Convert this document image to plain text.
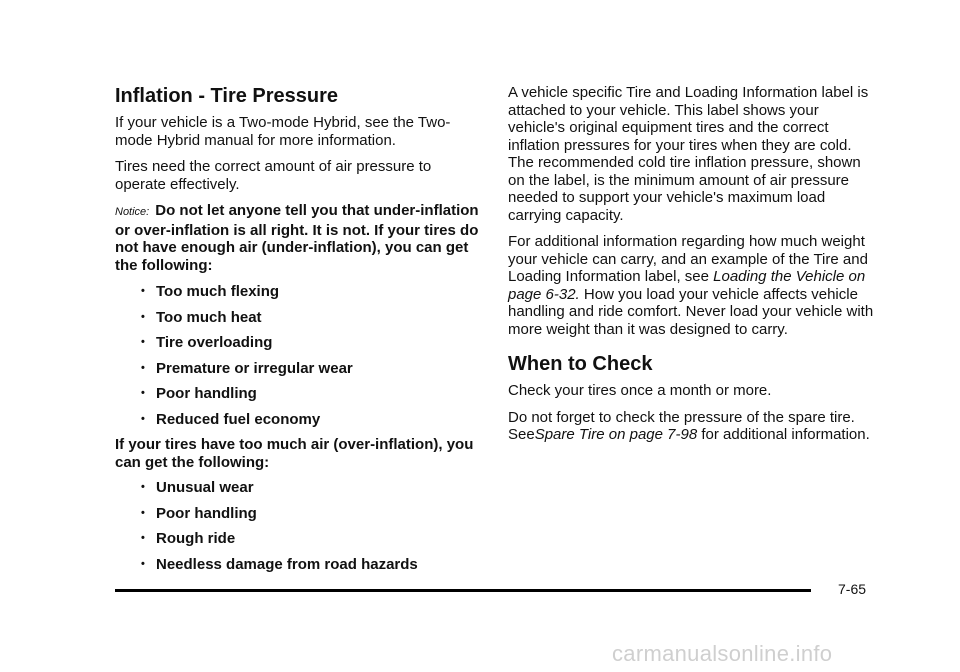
Inflation - Tire Pressure

If your vehicle is a Two-mode Hybrid, see the Two-mode Hybrid manual for more information.

Tires need the correct amount of air pressure to operate effectively.

Notice: Do not let anyone tell you that under-inflation or over-inflation is all right. It is not. If your tires do not have enough air (under-inflation), you can get the following:

• Too much flexing
• Too much heat
• Tire overloading
• Premature or irregular wear
• Poor handling
• Reduced fuel economy

If your tires have too much air (over-inflation), you can get the following:

• Unusual wear
• Poor handling
• Rough ride
• Needless damage from road hazards

A vehicle specific Tire and Loading Information label is attached to your vehicle. This label shows your vehicle's original equipment tires and the correct inflation pressures for your tires when they are cold. The recommended cold tire inflation pressure, shown on the label, is the minimum amount of air pressure needed to support your vehicle's maximum load carrying capacity.

For additional information regarding how much weight your vehicle can carry, and an example of the Tire and Loading Information label, see Loading the Vehicle on page 6-32. How you load your vehicle affects vehicle handling and ride comfort. Never load your vehicle with more weight than it was designed to carry.

When to Check

Check your tires once a month or more.

Do not forget to check the pressure of the spare tire. SeeSpare Tire on page 7-98 for additional information.

7-65
carmanualsonline.info
